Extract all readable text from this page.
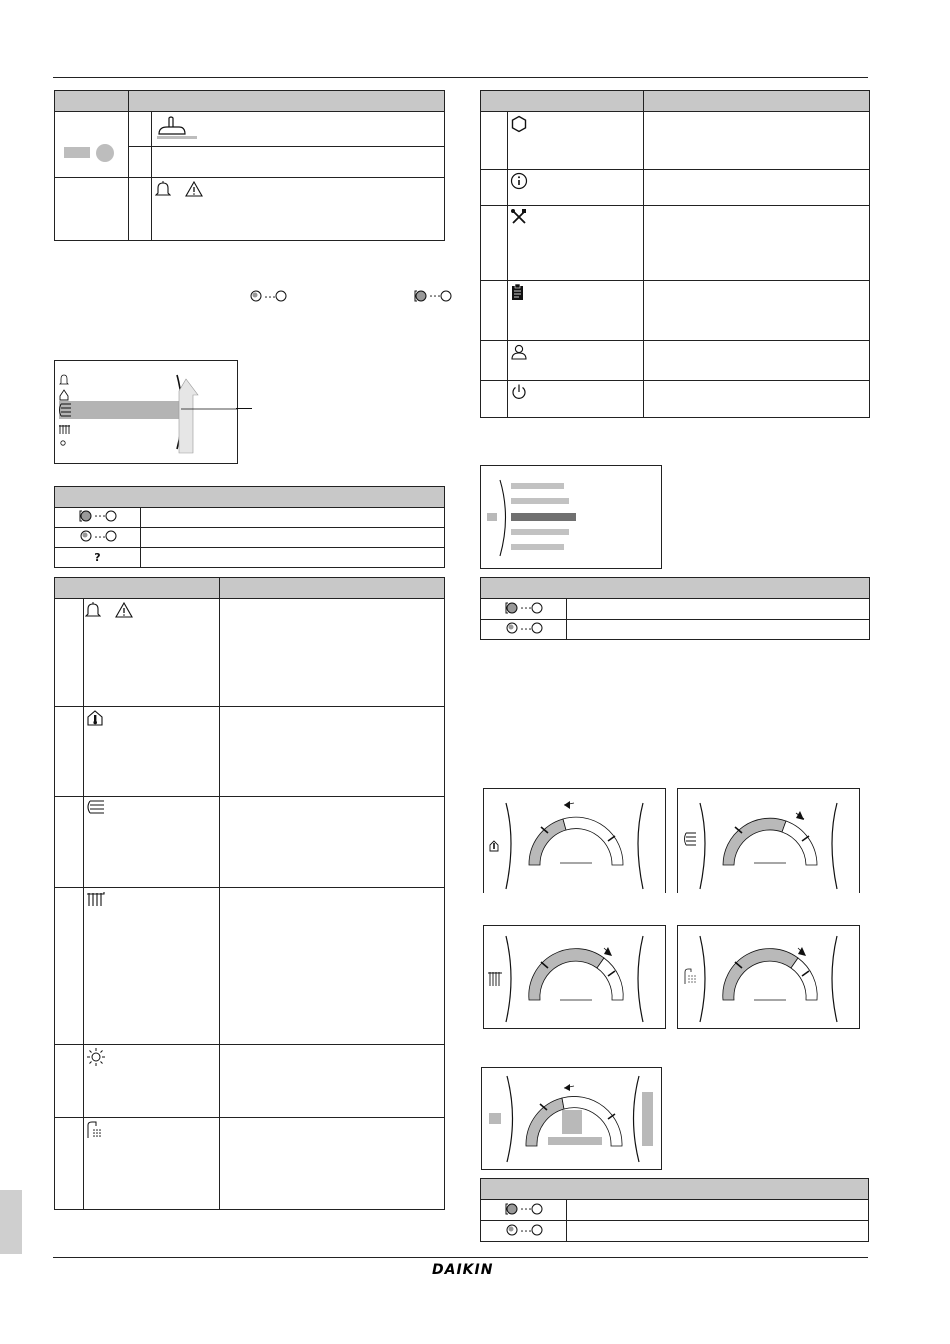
?	

DAIKIN
